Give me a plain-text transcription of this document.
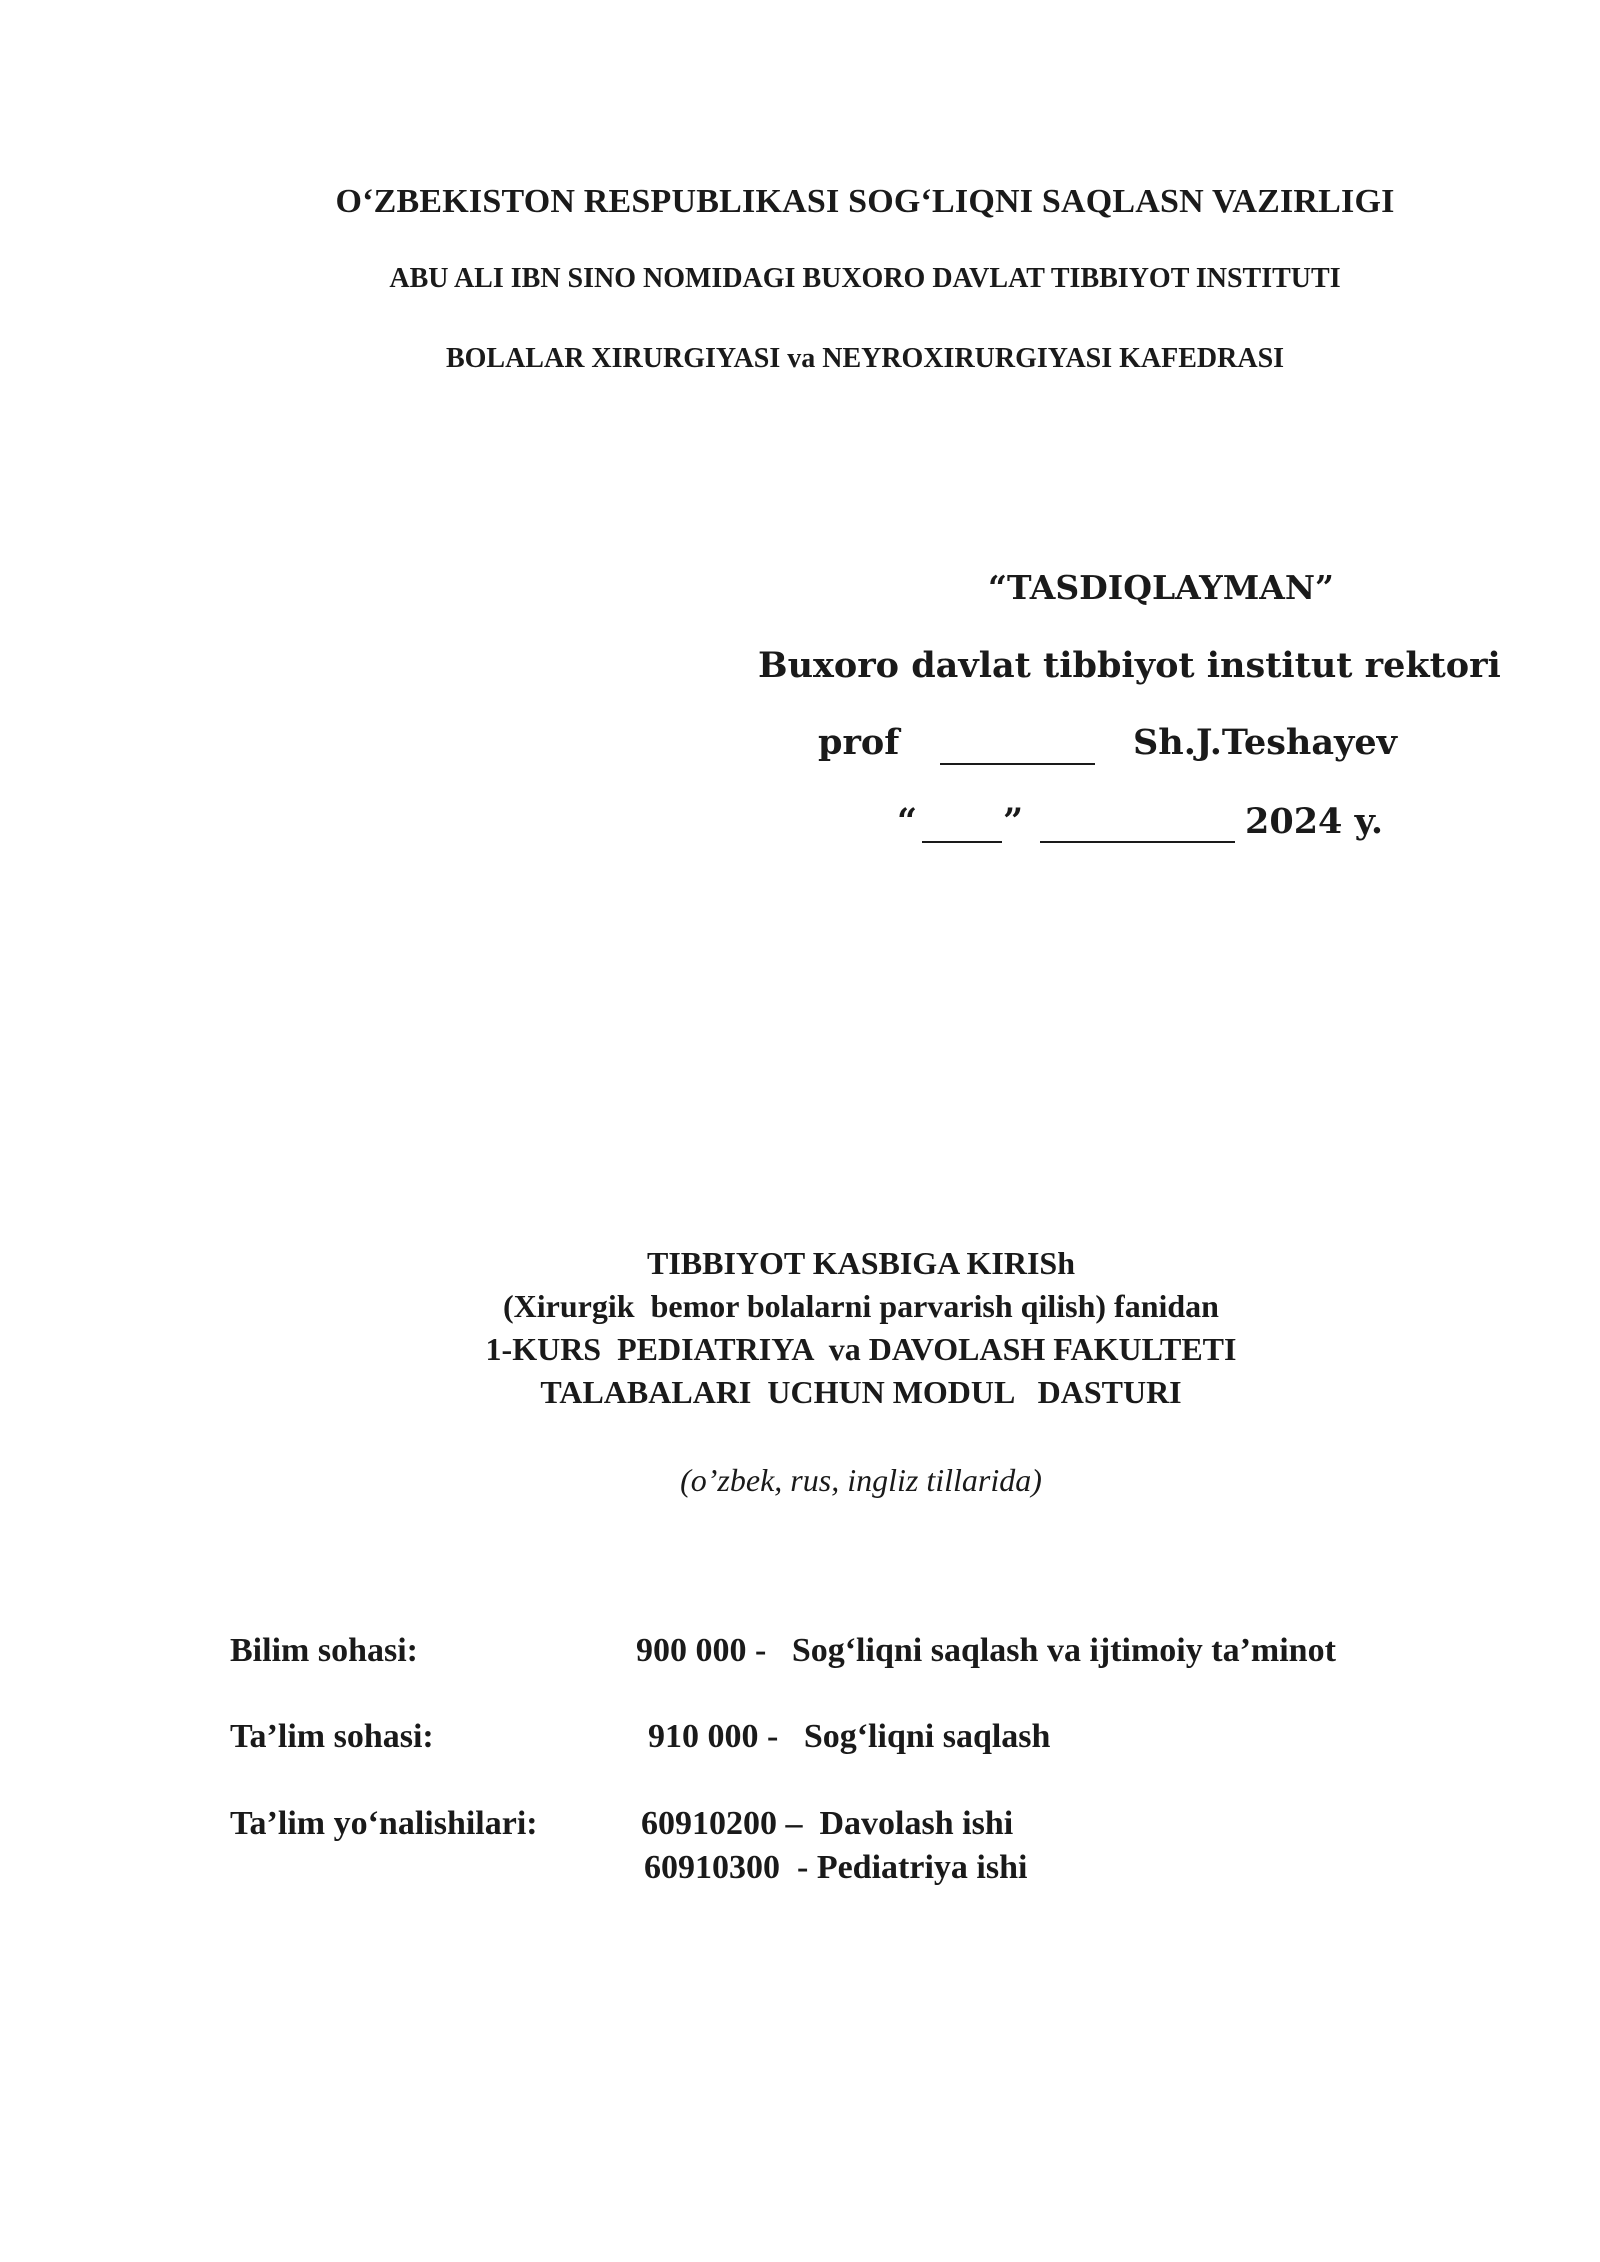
O‘ZBEKISTON RESPUBLIKASI SOG‘LIQNI SAQLASN VAZIRLIGI
ABU ALI IBN SINO NOMIDAGI BUXORO DAVLAT TIBBIYOT INSTITUTI
BOLALAR XIRURGIYASI va NEYROXIRURGIYASI KAFEDRASI
“TASDIQLAYMAN”
Buxoro davlat tibbiyot institut rektori
prof	Sh.J.Teshayev
“ ”	2024 y.
TIBBIYOT KASBIGA KIRISh
(Xirurgik  bemor bolalarni parvarish qilish) fanidan
1-KURS  PEDIATRIYA  va DAVOLASH FAKULTETI
TALABALARI  UCHUN MODUL   DASTURI
(o’zbek, rus, ingliz tillarida)
Bilim sohasi:	900 000 -   Sog‘liqni saqlash va ijtimoiy ta’minot
Ta’lim sohasi:	910 000 -   Sog‘liqni saqlash
Ta’lim yo‘nalishilari:	60910200 –  Davolash ishi
60910300  - Pediatriya ishi
